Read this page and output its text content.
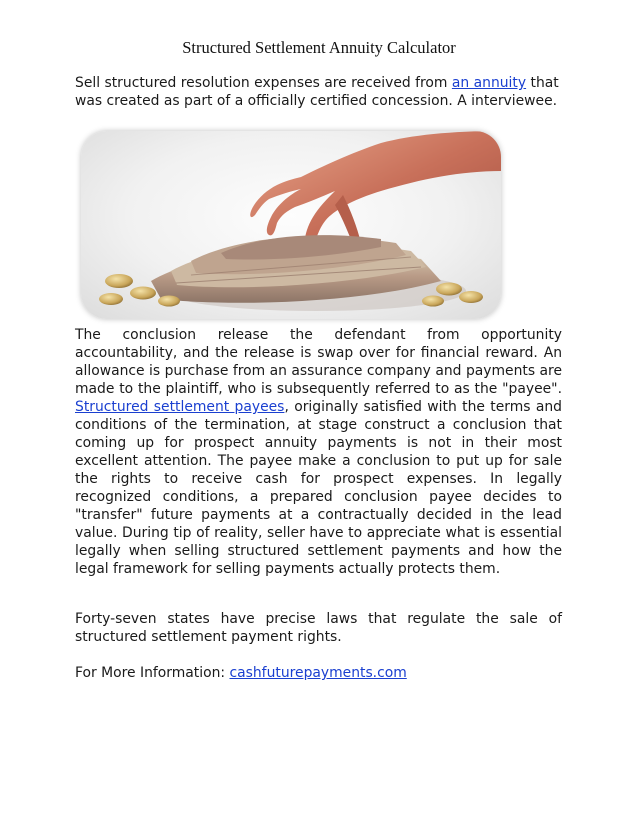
Structured Settlement Annuity Calculator

Sell structured resolution expenses are received from an annuity that was created as part of a officially certified concession. A interviewee.

The conclusion release the defendant from opportunity accountability, and the release is swap over for financial reward. An allowance is purchase from an assurance company and payments are made to the plaintiff, who is subsequently referred to as the "payee". Structured settlement payees, originally satisfied with the terms and conditions of the termination, at stage construct a conclusion that coming up for prospect annuity payments is not in their most excellent attention. The payee make a conclusion to put up for sale the rights to receive cash for prospect expenses. In legally recognized conditions, a prepared conclusion payee decides to "transfer" future payments at a contractually decided in the lead value. During tip of reality, seller have to appreciate what is essential legally when selling structured settlement payments and how the legal framework for selling payments actually protects them.

Forty-seven states have precise laws that regulate the sale of structured settlement payment rights.

For More Information: cashfuturepayments.com
